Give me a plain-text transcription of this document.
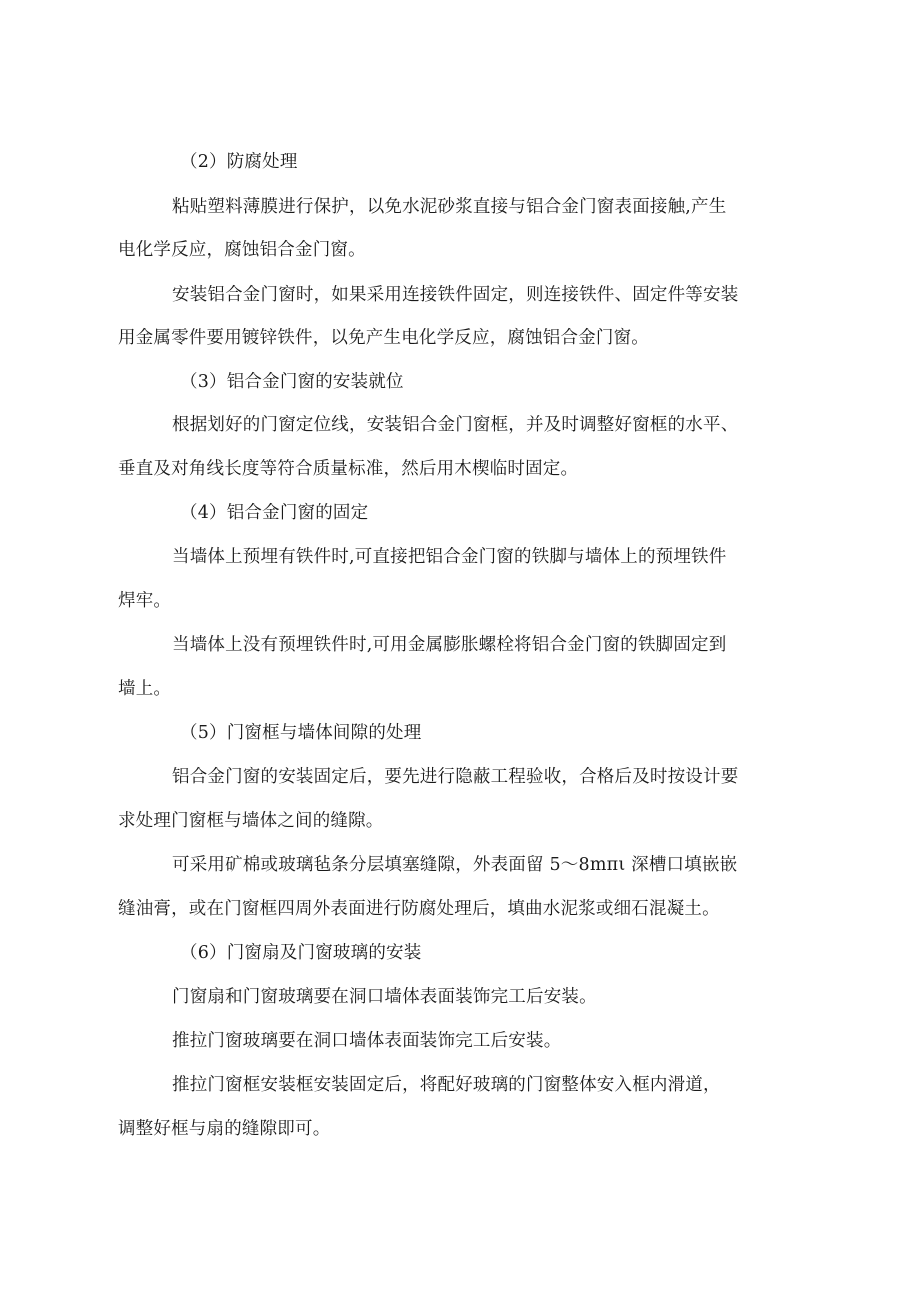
（2）防腐处理
粘贴塑料薄膜进行保护，以免水泥砂浆直接与铝合金门窗表面接触,产生
电化学反应，腐蚀铝合金门窗。
安装铝合金门窗时，如果采用连接铁件固定，则连接铁件、固定件等安装
用金属零件要用镀锌铁件，以免产生电化学反应，腐蚀铝合金门窗。
（3）铝合金门窗的安装就位
根据划好的门窗定位线，安装铝合金门窗框，并及时调整好窗框的水平、
垂直及对角线长度等符合质量标准，然后用木楔临时固定。
（4）铝合金门窗的固定
当墙体上预埋有铁件时,可直接把铝合金门窗的铁脚与墙体上的预埋铁件
焊牢。
当墙体上没有预埋铁件时,可用金属膨胀螺栓将铝合金门窗的铁脚固定到
墙上。
（5）门窗框与墙体间隙的处理
铝合金门窗的安装固定后，要先进行隐蔽工程验收，合格后及时按设计要
求处理门窗框与墙体之间的缝隙。
可采用矿棉或玻璃毡条分层填塞缝隙，外表面留 5～8mπι 深槽口填嵌嵌
缝油膏，或在门窗框四周外表面进行防腐处理后，填曲水泥浆或细石混凝土。
（6）门窗扇及门窗玻璃的安装
门窗扇和门窗玻璃要在洞口墙体表面装饰完工后安装。
推拉门窗玻璃要在洞口墙体表面装饰完工后安装。
推拉门窗框安装框安装固定后，将配好玻璃的门窗整体安入框内滑道，
调整好框与扇的缝隙即可。
